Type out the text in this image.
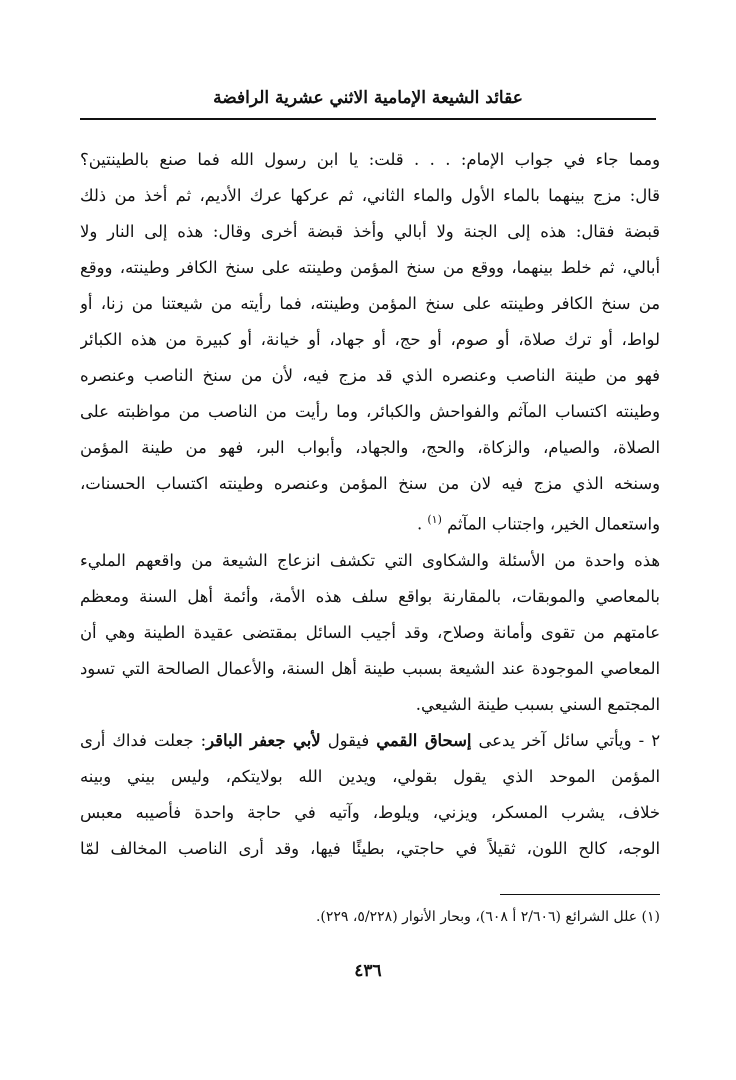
عقائد الشيعة الإمامية الاثني عشرية الرافضة
ومما جاء في جواب الإمام: . . . قلت: يا ابن رسول الله فما صنع بالطينتين؟
قال: مزج بينهما بالماء الأول والماء الثاني، ثم عركها عرك الأديم، ثم أخذ من ذلك
قبضة فقال: هذه إلى الجنة ولا أبالي وأخذ قبضة أخرى وقال: هذه إلى النار ولا
أبالي، ثم خلط بينهما، ووقع من سنخ المؤمن وطينته على سنخ الكافر وطينته، ووقع
من سنخ الكافر وطينته على سنخ المؤمن وطينته، فما رأيته من شيعتنا من زنا، أو
لواط، أو ترك صلاة، أو صوم، أو حج، أو جهاد، أو خيانة، أو كبيرة من هذه الكبائر
فهو من طينة الناصب وعنصره الذي قد مزج فيه، لأن من سنخ الناصب وعنصره
وطينته اكتساب المآثم والفواحش والكبائر، وما رأيت من الناصب من مواظبته على
الصلاة، والصيام، والزكاة، والحج، والجهاد، وأبواب البر، فهو من طينة المؤمن
وسنخه الذي مزج فيه لان من سنخ المؤمن وعنصره وطينته اكتساب الحسنات،
واستعمال الخير، واجتناب المآثم $^{(١)}$ .
هذه واحدة من الأسئلة والشكاوى التي تكشف انزعاج الشيعة من واقعهم المليء
بالمعاصي والموبقات، بالمقارنة بواقع سلف هذه الأمة، وأئمة أهل السنة ومعظم
عامتهم من تقوى وأمانة وصلاح، وقد أجيب السائل بمقتضى عقيدة الطينة وهي أن
المعاصي الموجودة عند الشيعة بسبب طينة أهل السنة، والأعمال الصالحة التي تسود
المجتمع السني بسبب طينة الشيعي.
٢ - ويأتي سائل آخر يدعى إسحاق القمي فيقول لأبي جعفر الباقر: جعلت فداك أرى
المؤمن الموحد الذي يقول بقولي، ويدين الله بولايتكم، وليس بيني وبينه
خلاف، يشرب المسكر، ويزني، ويلوط، وآتيه في حاجة واحدة فأصيبه معبس
الوجه، كالح اللون، ثقيلاً في حاجتي، بطيئًا فيها، وقد أرى الناصب المخالف لمّا
(١) علل الشرائع (٢/٦٠٦ أ ٦٠٨)، وبحار الأنوار (٥/٢٢٨، ٢٢٩).
٤٣٦
